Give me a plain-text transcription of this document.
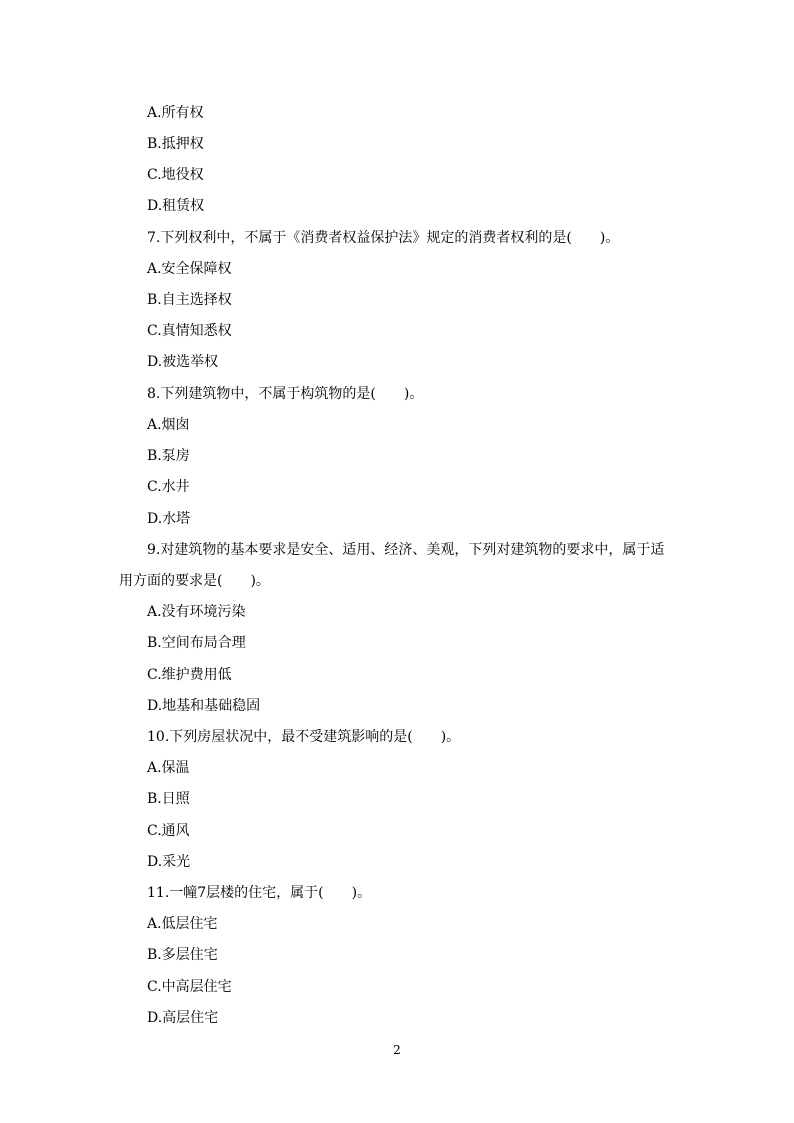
A.所有权
B.抵押权
C.地役权
D.租赁权
7.下列权利中，不属于《消费者权益保护法》规定的消费者权利的是(　　)。
A.安全保障权
B.自主选择权
C.真情知悉权
D.被选举权
8.下列建筑物中，不属于构筑物的是(　　)。
A.烟囱
B.泵房
C.水井
D.水塔
9.对建筑物的基本要求是安全、适用、经济、美观，下列对建筑物的要求中，属于适
用方面的要求是(　　)。
A.没有环境污染
B.空间布局合理
C.维护费用低
D.地基和基础稳固
10.下列房屋状况中，最不受建筑影响的是(　　)。
A.保温
B.日照
C.通风
D.采光
11.一幢7层楼的住宅，属于(　　)。
A.低层住宅
B.多层住宅
C.中高层住宅
D.高层住宅
2
